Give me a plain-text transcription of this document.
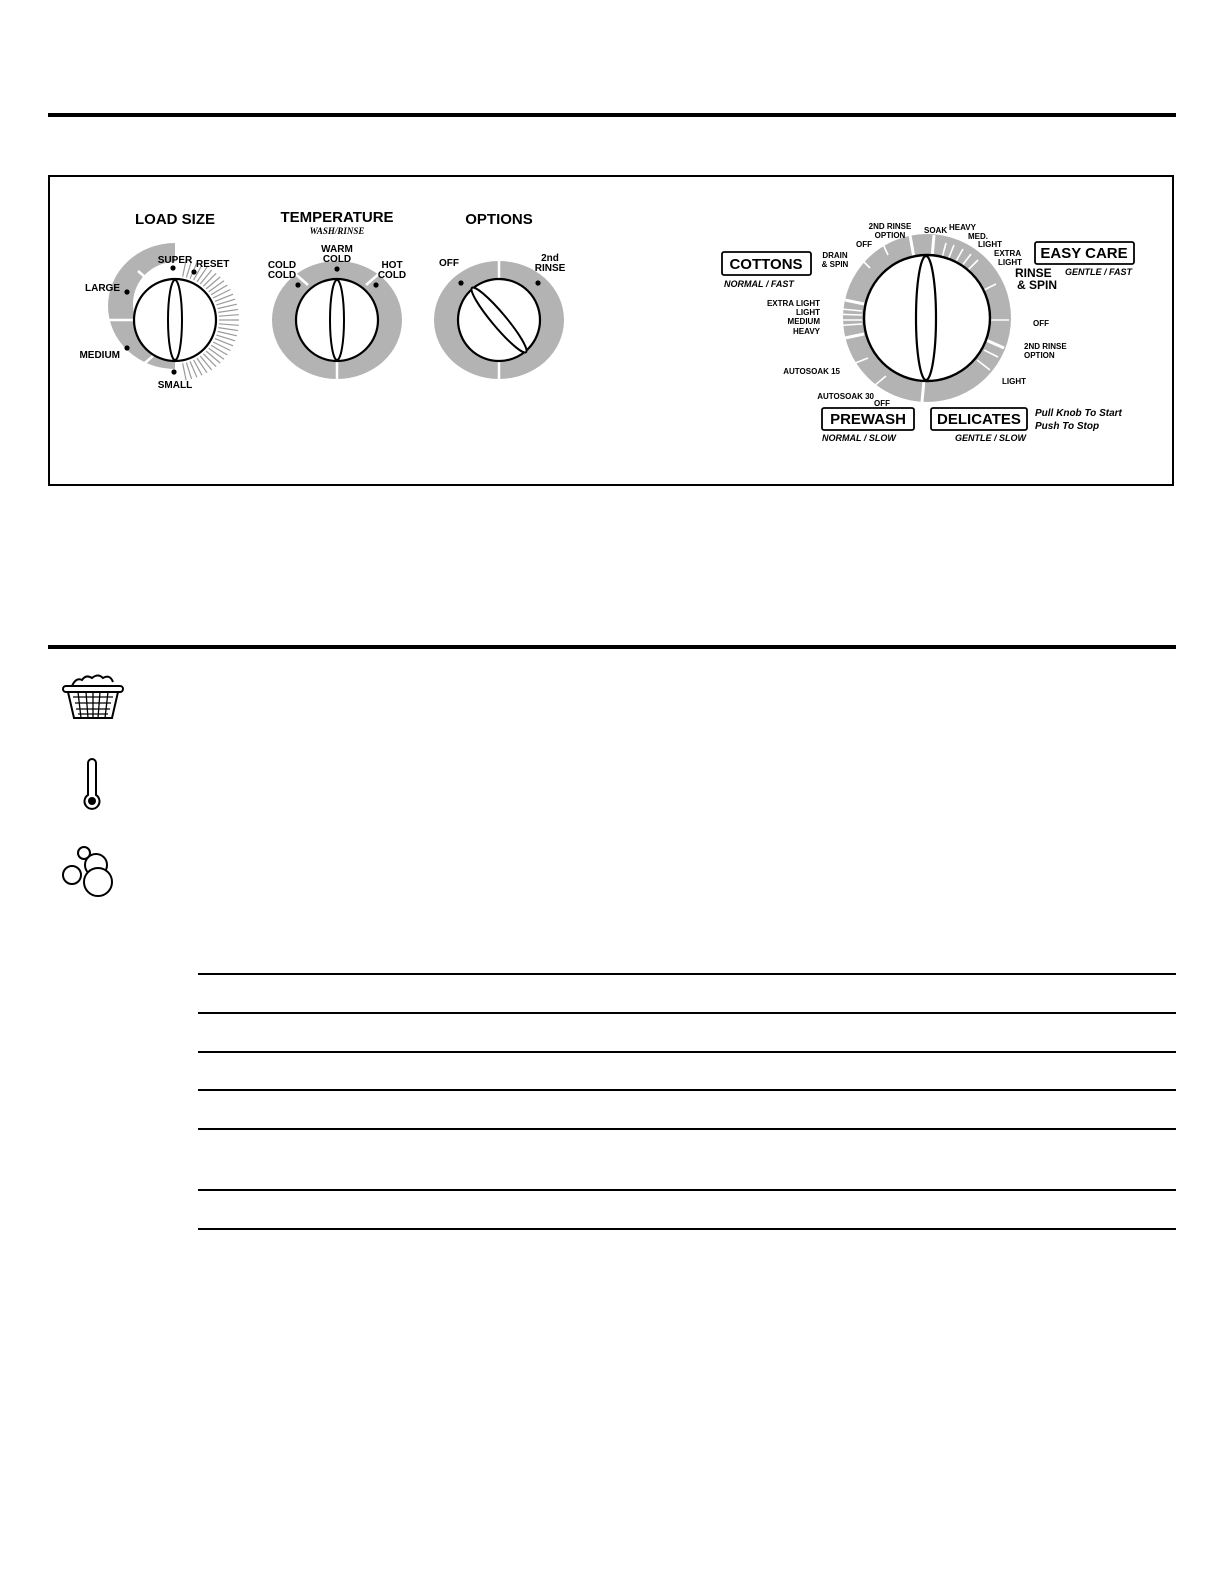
LOAD SIZE
SUPER RESET
LARGE
MEDIUM
SMALL
TEMPERATURE
WASH/RINSE
COLD
COLD
WARM
COLD
HOT
COLD
OPTIONS
OFF	2nd
RINSE	COTTONS
NORMAL / FAST
EASY CARE
GENTLE / FAST
PREWASH
NORMAL / SLOW
DELICATES
GENTLE / SLOW
Pull Knob To Start
Push To Stop
2ND RINSE
OPTION
OFF
DRAIN
& SPIN
EXTRA LIGHT
LIGHT
MEDIUM
HEAVY
AUTOSOAK 15
AUTOSOAK 30
OFF
SOAK HEAVY
MED.
LIGHT
EXTRA
LIGHT
OFF
2ND RINSE
OPTION
LIGHT
RINSE
& SPIN
